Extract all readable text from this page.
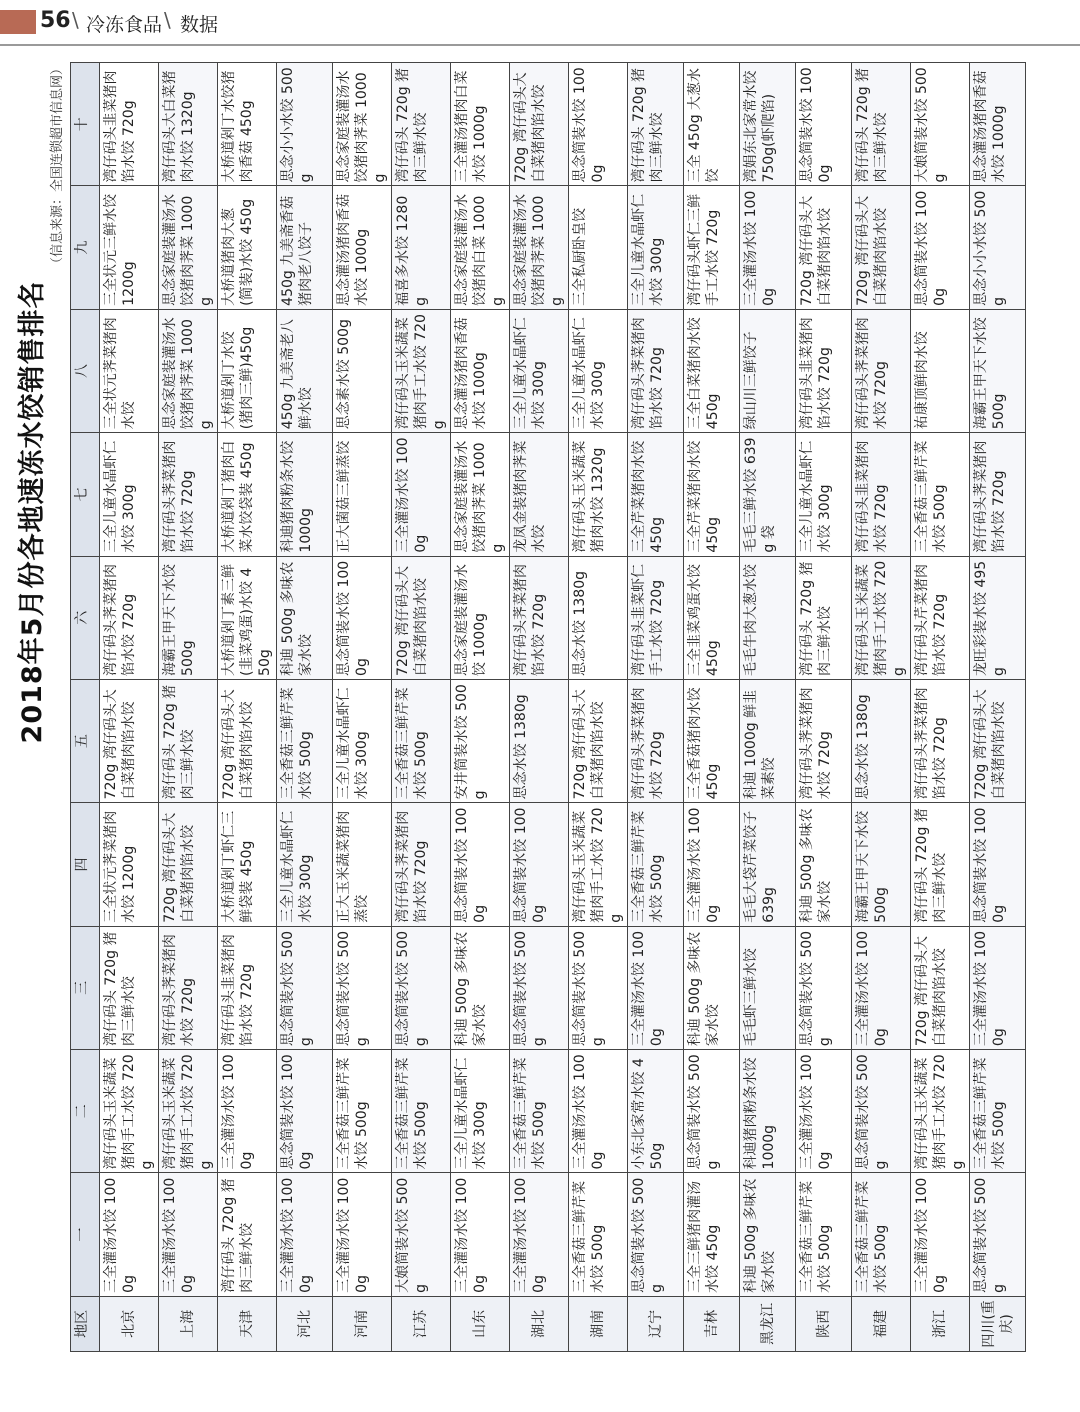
56 \ 冷冻食品 \ 数据
2018年5月份各地速冻水饺销售排名
（信息来源：全国连锁超市信息网）
地区	一	二	三	四	五	六	七	八	九	十
北京	三全灌汤水饺 1000g	湾仔码头玉米蔬菜猪肉手工水饺 720g	湾仔码头 720g 猪肉三鲜水饺	三全状元荠菜猪肉水饺 1200g	720g 湾仔码头大白菜猪肉馅水饺	湾仔码头荠菜猪肉馅水饺 720g	三全儿童水晶虾仁水饺 300g	三全状元荠菜猪肉水饺	三全状元三鲜水饺 1200g	湾仔码头韭菜猪肉馅水饺 720g
上海	三全灌汤水饺 1000g	湾仔码头玉米蔬菜猪肉手工水饺 720g	湾仔码头荠菜猪肉水饺 720g	720g 湾仔码头大白菜猪肉馅水饺	湾仔码头 720g 猪肉三鲜水饺	海霸王甲天下水饺 500g	湾仔码头荠菜猪肉馅水饺 720g	思念家庭装灌汤水饺猪肉荠菜 1000g	思念家庭装灌汤水饺猪肉荠菜 1000g	湾仔码头大白菜猪肉水饺 1320g
天津	湾仔码头 720g 猪肉三鲜水饺	三全灌汤水饺 1000g	湾仔码头韭菜猪肉馅水饺 720g	大桥道剁丁虾仁三鲜袋装 450g	720g 湾仔码头大白菜猪肉馅水饺	大桥道剁丁素三鲜(韭菜鸡蛋)水饺 450g	大桥道剁丁猪肉白菜水饺袋装 450g	大桥道剁丁水饺(猪肉三鲜)450g	大桥道猪肉大葱(简装)水饺 450g	大桥道剁丁水饺猪肉香菇 450g
河北	三全灌汤水饺 1000g	思念简装水饺 1000g	思念简装水饺 500g	三全儿童水晶虾仁水饺 300g	三全香菇三鲜芹菜水饺 500g	科迪 500g 多味农家水饺	科迪猪肉粉条水饺 1000g	450g 九美斋老八鲜水饺	450g 九美斋香菇猪肉老八饺子	思念小小水饺 500g
河南	三全灌汤水饺 1000g	三全香菇三鲜芹菜水饺 500g	思念简装水饺 500g	正大玉米蔬菜猪肉蒸饺	三全儿童水晶虾仁水饺 300g	思念简装水饺 1000g	正大菌菇三鲜蒸饺	思念素水饺 500g	思念灌汤猪肉香菇水饺 1000g	思念家庭装灌汤水饺猪肉荠菜 1000g
江苏	大娘简装水饺 500g	三全香菇三鲜芹菜水饺 500g	思念简装水饺 500g	湾仔码头荠菜猪肉馅水饺 720g	三全香菇三鲜芹菜水饺 500g	720g 湾仔码头大白菜猪肉馅水饺	三全灌汤水饺 1000g	湾仔码头玉米蔬菜猪肉手工水饺 720g	福喜多水饺 1280g	湾仔码头 720g 猪肉三鲜水饺
山东	三全灌汤水饺 1000g	三全儿童水晶虾仁水饺 300g	科迪 500g 多味农家水饺	思念简装水饺 1000g	安井简装水饺 500g	思念家庭装灌汤水饺 1000g	思念家庭装灌汤水饺猪肉荠菜 1000g	思念灌汤猪肉香菇水饺 1000g	思念家庭装灌汤水饺猪肉白菜 1000g	三全灌汤猪肉白菜水饺 1000g
湖北	三全灌汤水饺 1000g	三全香菇三鲜芹菜水饺 500g	思念简装水饺 500g	思念简装水饺 1000g	思念水饺 1380g	湾仔码头荠菜猪肉馅水饺 720g	龙凤金装猪肉荠菜水饺	三全儿童水晶虾仁水饺 300g	思念家庭装灌汤水饺猪肉荠菜 1000g	720g 湾仔码头大白菜猪肉馅水饺
湖南	三全香菇三鲜芹菜水饺 500g	三全灌汤水饺 1000g	思念简装水饺 500g	湾仔码头玉米蔬菜猪肉手工水饺 720g	720g 湾仔码头大白菜猪肉馅水饺	思念水饺 1380g	湾仔码头玉米蔬菜猪肉水饺 1320g	三全儿童水晶虾仁水饺 300g	三全私厨卧皇饺	思念简装水饺 1000g
辽宁	思念简装水饺 500g	小东北家常水饺 450g	三全灌汤水饺 1000g	三全香菇三鲜芹菜水饺 500g	湾仔码头荠菜猪肉水饺 720g	湾仔码头韭菜虾仁手工水饺 720g	三全芹菜猪肉水饺 450g	湾仔码头荠菜猪肉馅水饺 720g	三全儿童水晶虾仁水饺 300g	湾仔码头 720g 猪肉三鲜水饺
吉林	三全三鲜猪肉灌汤水饺 450g	思念简装水饺 500g	科迪 500g 多味农家水饺	三全灌汤水饺 1000g	三全香菇猪肉水饺 450g	三全韭菜鸡蛋水饺 450g	三全芹菜猪肉水饺 450g	三全白菜猪肉水饺 450g	湾仔码头虾仁三鲜手工水饺 720g	三全 450g 大葱水饺
黑龙江	科迪 500g 多味农家水饺	科迪猪肉粉条水饺 1000g	毛毛虾三鲜水饺	毛毛大袋芹菜饺子 639g	科迪 1000g 鲜韭菜素饺	毛毛牛肉大葱水饺	毛毛三鲜水饺 639g 袋	绿山川三鲜饺子	三全灌汤水饺 1000g	湾娟东北家常水饺 750g(虾爬馅)
陕西	三全香菇三鲜芹菜水饺 500g	三全灌汤水饺 1000g	思念简装水饺 500g	科迪 500g 多味农家水饺	湾仔码头荠菜猪肉水饺 720g	湾仔码头 720g 猪肉三鲜水饺	三全儿童水晶虾仁水饺 300g	湾仔码头韭菜猪肉馅水饺 720g	720g 湾仔码头大白菜猪肉馅水饺	思念简装水饺 1000g
福建	三全香菇三鲜芹菜水饺 500g	思念简装水饺 500g	三全灌汤水饺 1000g	海霸王甲天下水饺 500g	思念水饺 1380g	湾仔码头玉米蔬菜猪肉手工水饺 720g	湾仔码头韭菜猪肉水饺 720g	湾仔码头荠菜猪肉水饺 720g	720g 湾仔码头大白菜猪肉馅水饺	湾仔码头 720g 猪肉三鲜水饺
浙江	三全灌汤水饺 1000g	湾仔码头玉米蔬菜猪肉手工水饺 720g	720g 湾仔码头大白菜猪肉馅水饺	湾仔码头 720g 猪肉三鲜水饺	湾仔码头荠菜猪肉馅水饺 720g	湾仔码头芹菜猪肉馅水饺 720g	三全香菇三鲜芹菜水饺 500g	祐康顶鲜肉水饺	思念简装水饺 1000g	大娘简装水饺 500g
四川(重庆)	思念简装水饺 500g	三全香菇三鲜芹菜水饺 500g	三全灌汤水饺 1000g	思念简装水饺 1000g	720g 湾仔码头大白菜猪肉馅水饺	龙旺彩装水饺 495g	湾仔码头荠菜猪肉馅水饺 720g	海霸王甲天下水饺 500g	思念小小水饺 500g	思念灌汤猪肉香菇水饺 1000g
